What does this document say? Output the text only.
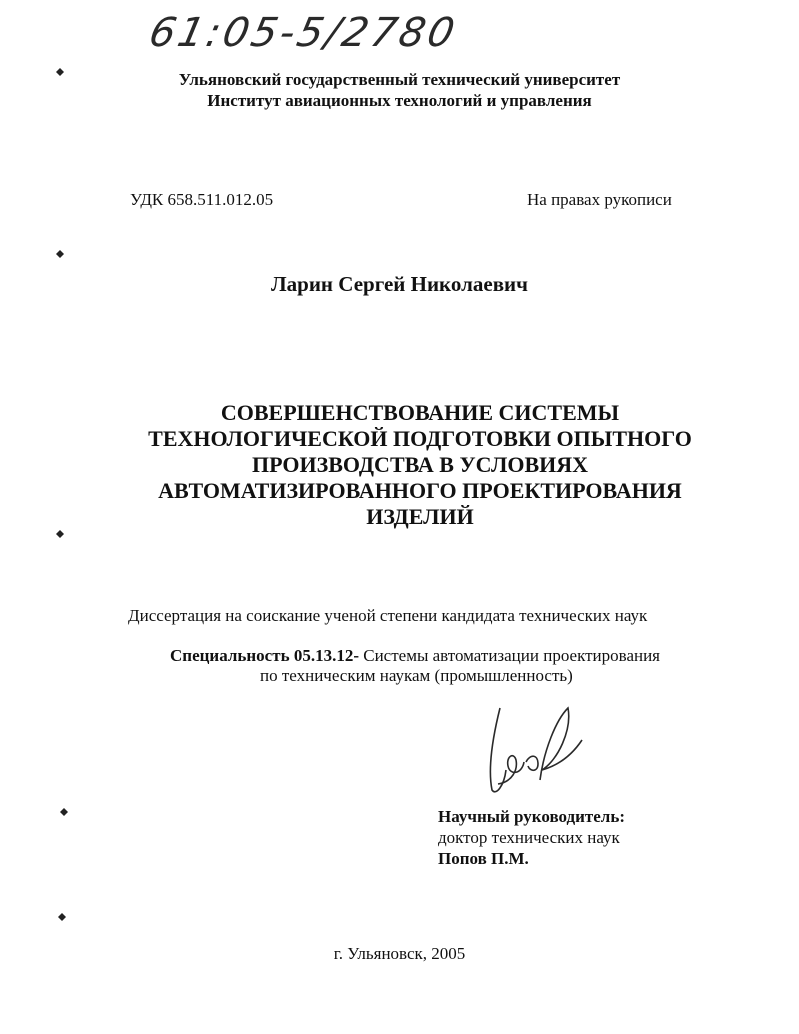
61:05-5/2780
Ульяновский государственный технический университет
Институт авиационных технологий и управления
УДК 658.511.012.05	На правах рукописи
Ларин Сергей Николаевич
СОВЕРШЕНСТВОВАНИЕ СИСТЕМЫ
ТЕХНОЛОГИЧЕСКОЙ ПОДГОТОВКИ ОПЫТНОГО
ПРОИЗВОДСТВА В УСЛОВИЯХ
АВТОМАТИЗИРОВАННОГО ПРОЕКТИРОВАНИЯ
ИЗДЕЛИЙ
Диссертация на соискание ученой степени кандидата технических наук
Специальность 05.13.12- Системы автоматизации проектирования
по техническим наукам (промышленность)
Научный руководитель:
доктор технических наук
Попов П.М.
г. Ульяновск, 2005
